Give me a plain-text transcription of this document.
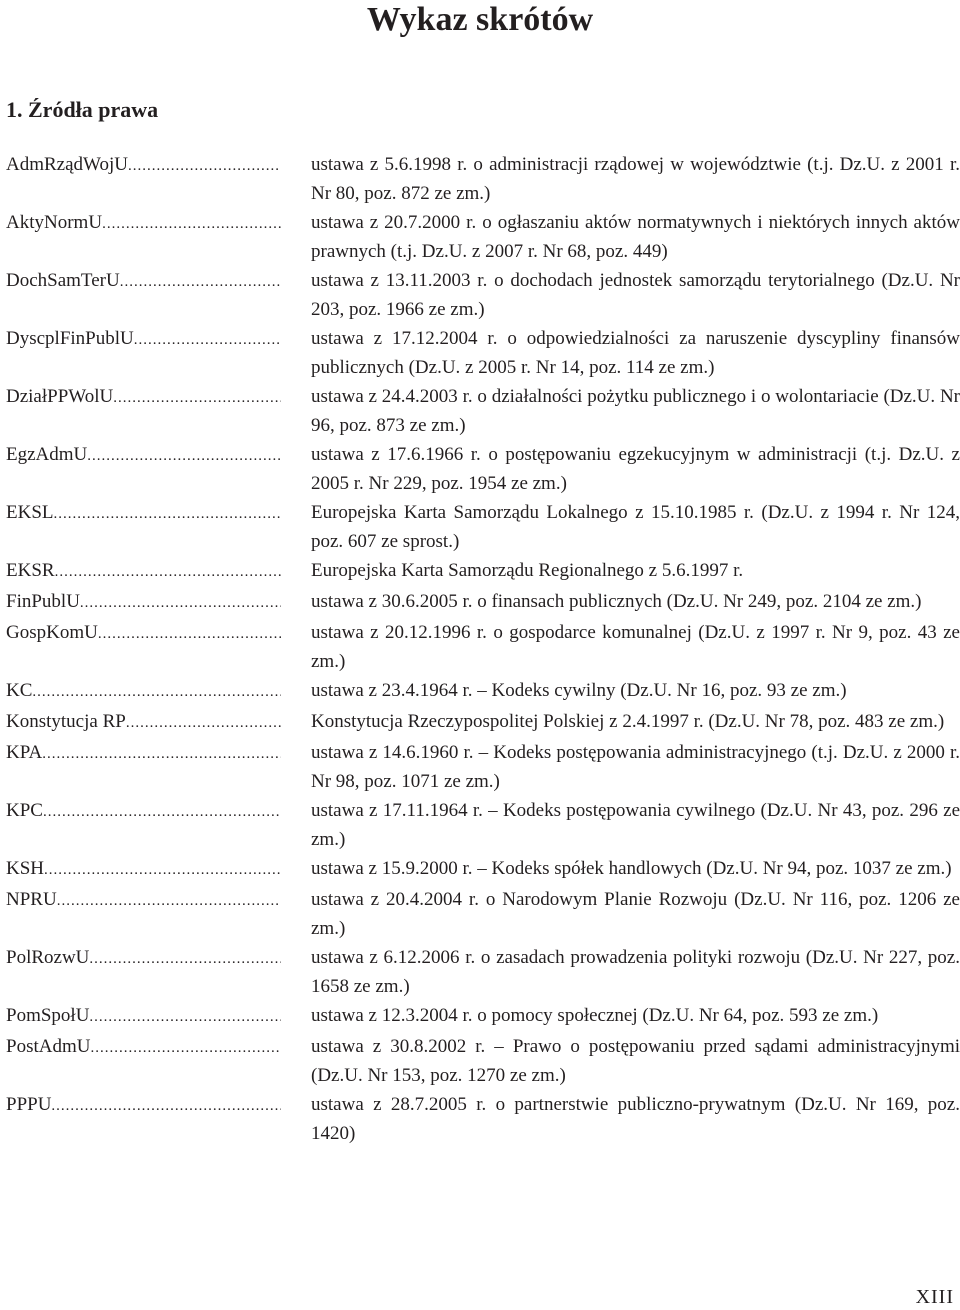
Wykaz skrótów
1. Źródła prawa
AdmRządWojU .....	ustawa z 5.6.1998 r. o administracji rządowej w województwie (t.j. Dz.U. z 2001 r. Nr 80, poz. 872 ze zm.)
AktyNormU .....	ustawa z 20.7.2000 r. o ogłaszaniu aktów normatywnych i niektórych innych aktów prawnych (t.j. Dz.U. z 2007 r. Nr 68, poz. 449)
DochSamTerU .....	ustawa z 13.11.2003 r. o dochodach jednostek samorządu terytorialnego (Dz.U. Nr 203, poz. 1966 ze zm.)
DyscplFinPublU .....	ustawa z 17.12.2004 r. o odpowiedzialności za naruszenie dyscypliny finansów publicznych (Dz.U. z 2005 r. Nr 14, poz. 114 ze zm.)
DziałPPWolU .....	ustawa z 24.4.2003 r. o działalności pożytku publicznego i o wolontariacie (Dz.U. Nr 96, poz. 873 ze zm.)
EgzAdmU .....	ustawa z 17.6.1966 r. o postępowaniu egzekucyjnym w administracji (t.j. Dz.U. z 2005 r. Nr 229, poz. 1954 ze zm.)
EKSL .....	Europejska Karta Samorządu Lokalnego z 15.10.1985 r. (Dz.U. z 1994 r. Nr 124, poz. 607 ze sprost.)
EKSR .....	Europejska Karta Samorządu Regionalnego z 5.6.1997 r.
FinPublU .....	ustawa z 30.6.2005 r. o finansach publicznych (Dz.U. Nr 249, poz. 2104 ze zm.)
GospKomU .....	ustawa z 20.12.1996 r. o gospodarce komunalnej (Dz.U. z 1997 r. Nr 9, poz. 43 ze zm.)
KC .....	ustawa z 23.4.1964 r. – Kodeks cywilny (Dz.U. Nr 16, poz. 93 ze zm.)
Konstytucja RP .....	Konstytucja Rzeczypospolitej Polskiej z 2.4.1997 r. (Dz.U. Nr 78, poz. 483 ze zm.)
KPA .....	ustawa z 14.6.1960 r. – Kodeks postępowania administracyjnego (t.j. Dz.U. z 2000 r. Nr 98, poz. 1071 ze zm.)
KPC .....	ustawa z 17.11.1964 r. – Kodeks postępowania cywilnego (Dz.U. Nr 43, poz. 296 ze zm.)
KSH .....	ustawa z 15.9.2000 r. – Kodeks spółek handlowych (Dz.U. Nr 94, poz. 1037 ze zm.)
NPRU .....	ustawa z 20.4.2004 r. o Narodowym Planie Rozwoju (Dz.U. Nr 116, poz. 1206 ze zm.)
PolRozwU .....	ustawa z 6.12.2006 r. o zasadach prowadzenia polityki rozwoju (Dz.U. Nr 227, poz. 1658 ze zm.)
PomSpołU .....	ustawa z 12.3.2004 r. o pomocy społecznej (Dz.U. Nr 64, poz. 593 ze zm.)
PostAdmU .....	ustawa z 30.8.2002 r. – Prawo o postępowaniu przed sądami administracyjnymi (Dz.U. Nr 153, poz. 1270 ze zm.)
PPPU .....	ustawa z 28.7.2005 r. o partnerstwie publiczno-prywatnym (Dz.U. Nr 169, poz. 1420)
XIII
